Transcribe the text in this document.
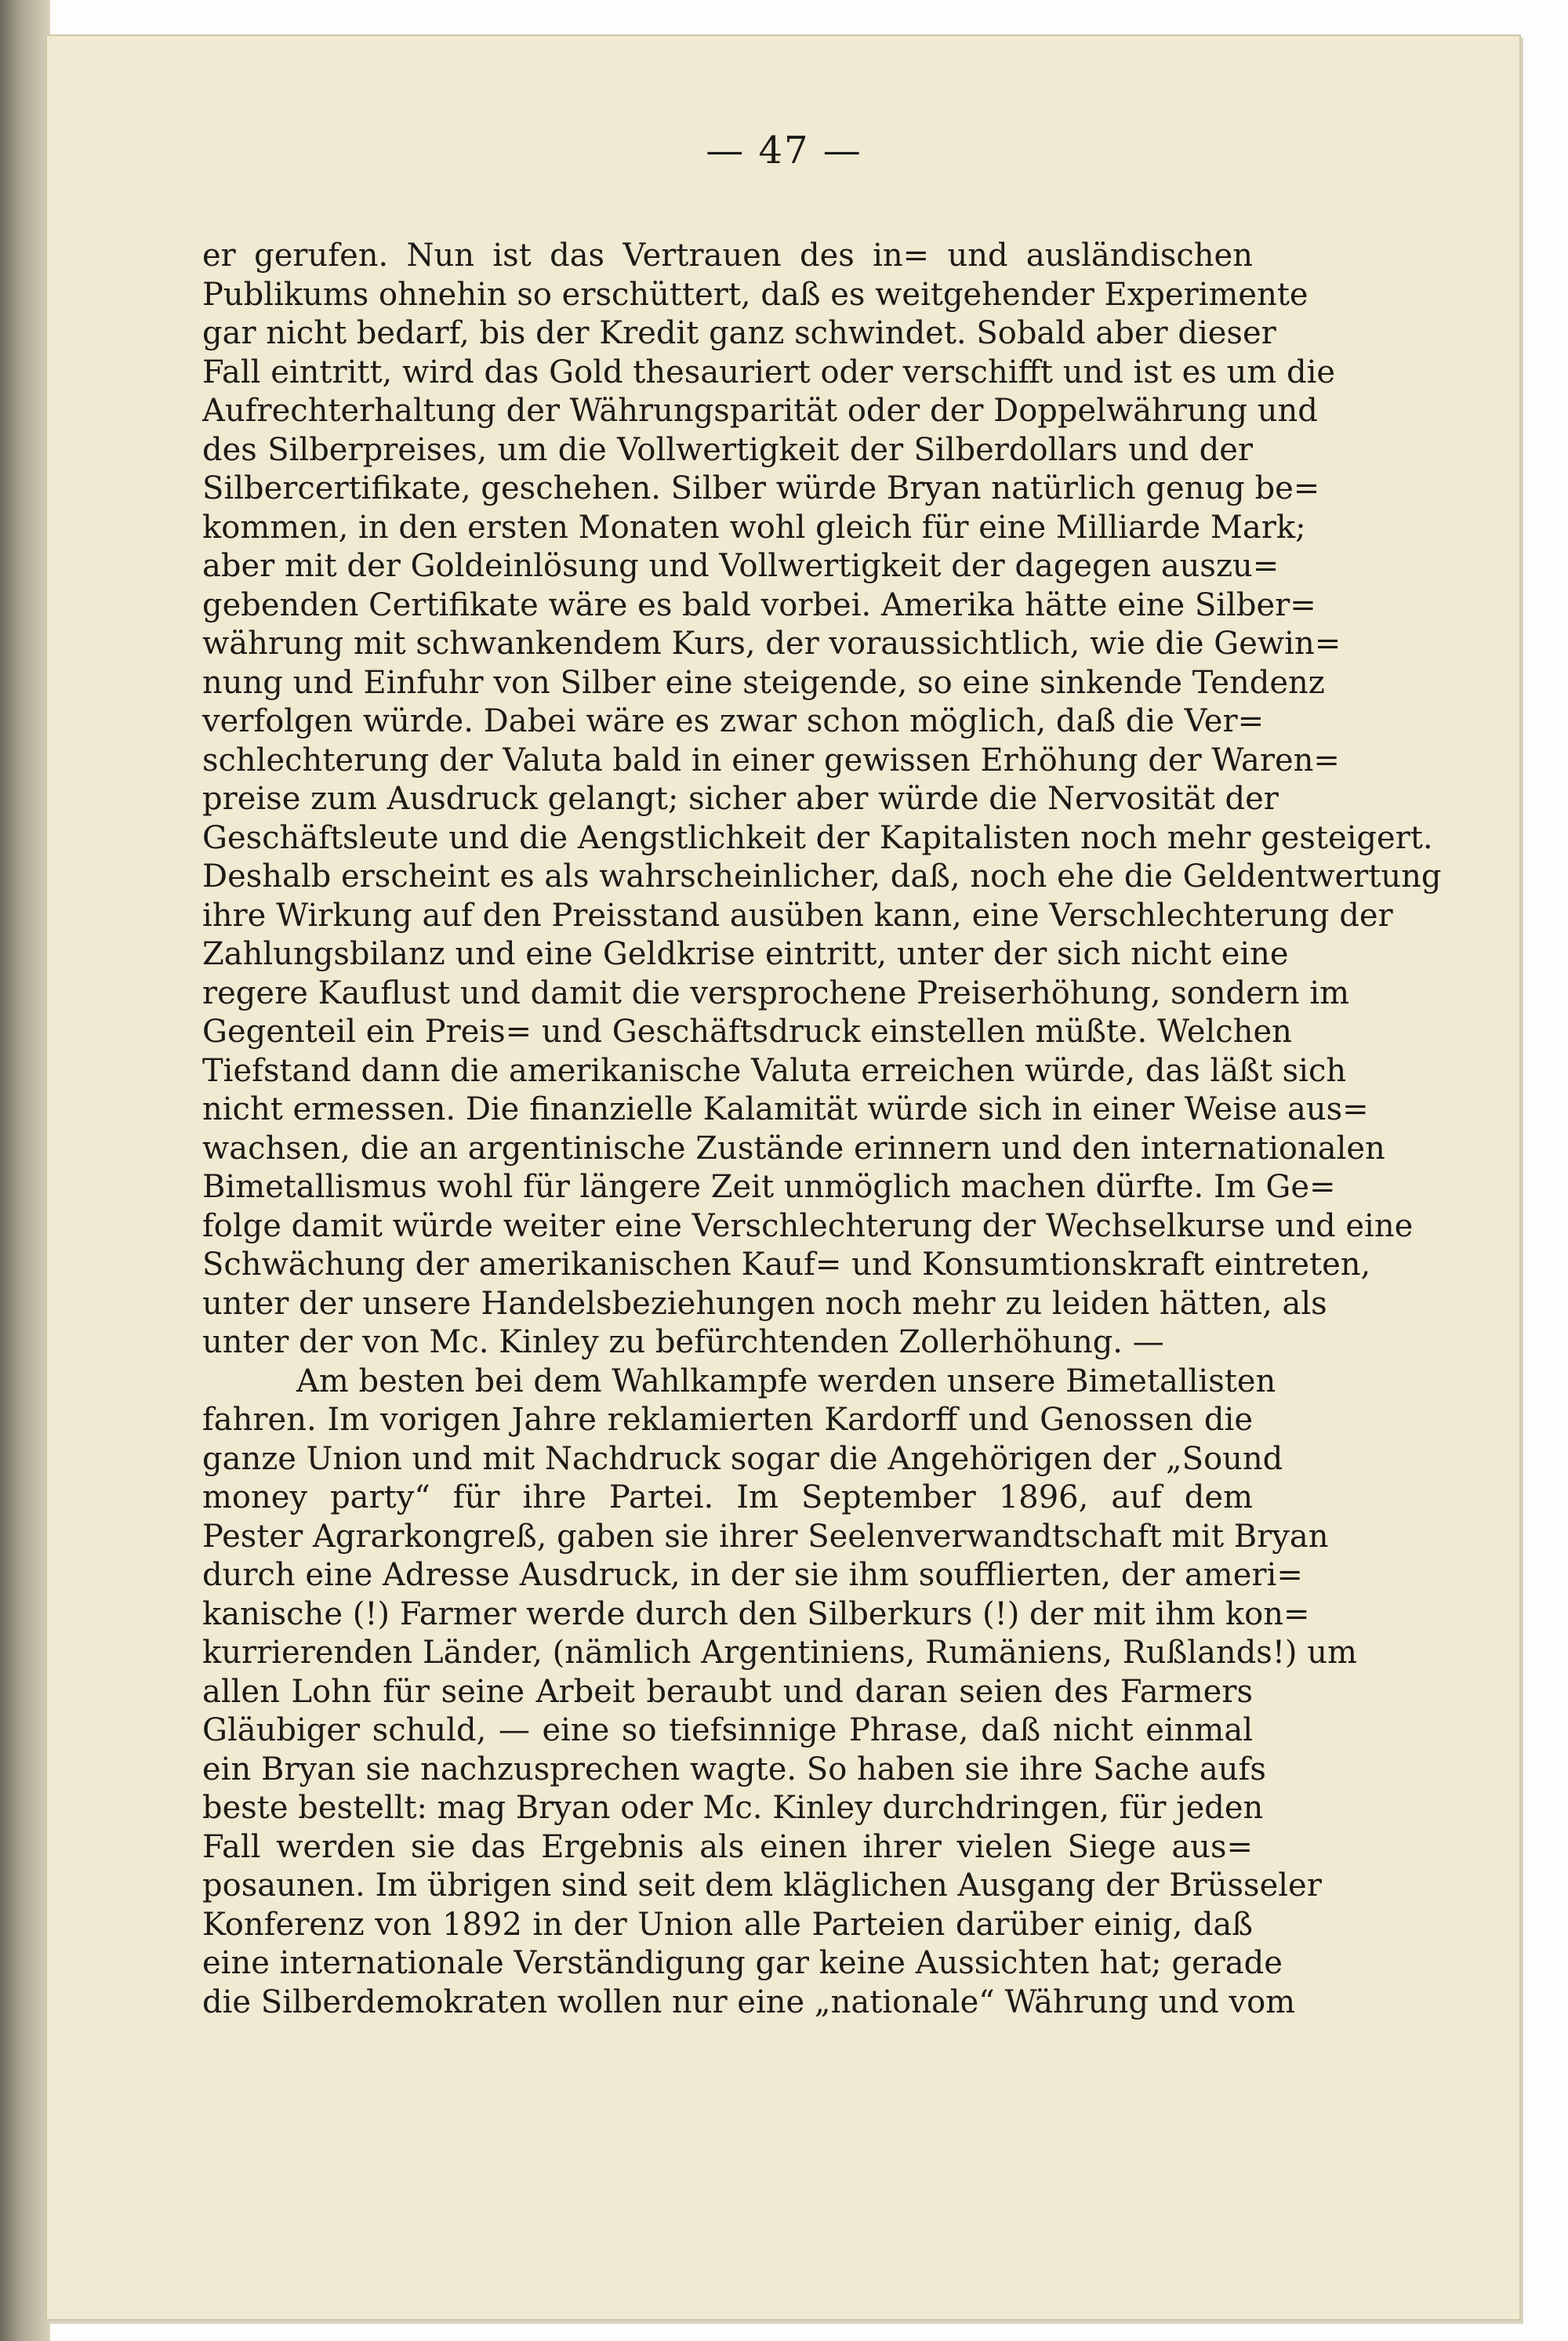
— 47 —

er gerufen. Nun ist das Vertrauen des in= und ausländischen
Publikums ohnehin so erschüttert, daß es weitgehender Experimente
gar nicht bedarf, bis der Kredit ganz schwindet. Sobald aber dieser
Fall eintritt, wird das Gold thesauriert oder verschifft und ist es um die
Aufrechterhaltung der Währungsparität oder der Doppelwährung und
des Silberpreises, um die Vollwertigkeit der Silberdollars und der
Silbercertifikate, geschehen. Silber würde Bryan natürlich genug be=
kommen, in den ersten Monaten wohl gleich für eine Milliarde Mark;
aber mit der Goldeinlösung und Vollwertigkeit der dagegen auszu=
gebenden Certifikate wäre es bald vorbei. Amerika hätte eine Silber=
währung mit schwankendem Kurs, der voraussichtlich, wie die Gewin=
nung und Einfuhr von Silber eine steigende, so eine sinkende Tendenz
verfolgen würde. Dabei wäre es zwar schon möglich, daß die Ver=
schlechterung der Valuta bald in einer gewissen Erhöhung der Waren=
preise zum Ausdruck gelangt; sicher aber würde die Nervosität der
Geschäftsleute und die Aengstlichkeit der Kapitalisten noch mehr gesteigert.
Deshalb erscheint es als wahrscheinlicher, daß, noch ehe die Geldentwertung
ihre Wirkung auf den Preisstand ausüben kann, eine Verschlechterung der
Zahlungsbilanz und eine Geldkrise eintritt, unter der sich nicht eine
regere Kauflust und damit die versprochene Preiserhöhung, sondern im
Gegenteil ein Preis= und Geschäftsdruck einstellen müßte. Welchen
Tiefstand dann die amerikanische Valuta erreichen würde, das läßt sich
nicht ermessen. Die finanzielle Kalamität würde sich in einer Weise aus=
wachsen, die an argentinische Zustände erinnern und den internationalen
Bimetallismus wohl für längere Zeit unmöglich machen dürfte. Im Ge=
folge damit würde weiter eine Verschlechterung der Wechselkurse und eine
Schwächung der amerikanischen Kauf= und Konsumtionskraft eintreten,
unter der unsere Handelsbeziehungen noch mehr zu leiden hätten, als
unter der von Mc. Kinley zu befürchtenden Zollerhöhung. —
Am besten bei dem Wahlkampfe werden unsere Bimetallisten
fahren. Im vorigen Jahre reklamierten Kardorff und Genossen die
ganze Union und mit Nachdruck sogar die Angehörigen der „Sound
money party“ für ihre Partei. Im September 1896, auf dem
Pester Agrarkongreß, gaben sie ihrer Seelenverwandtschaft mit Bryan
durch eine Adresse Ausdruck, in der sie ihm soufflierten, der ameri=
kanische (!) Farmer werde durch den Silberkurs (!) der mit ihm kon=
kurrierenden Länder, (nämlich Argentiniens, Rumäniens, Rußlands!) um
allen Lohn für seine Arbeit beraubt und daran seien des Farmers
Gläubiger schuld, — eine so tiefsinnige Phrase, daß nicht einmal
ein Bryan sie nachzusprechen wagte. So haben sie ihre Sache aufs
beste bestellt: mag Bryan oder Mc. Kinley durchdringen, für jeden
Fall werden sie das Ergebnis als einen ihrer vielen Siege aus=
posaunen. Im übrigen sind seit dem kläglichen Ausgang der Brüsseler
Konferenz von 1892 in der Union alle Parteien darüber einig, daß
eine internationale Verständigung gar keine Aussichten hat; gerade
die Silberdemokraten wollen nur eine „nationale“ Währung und vom
